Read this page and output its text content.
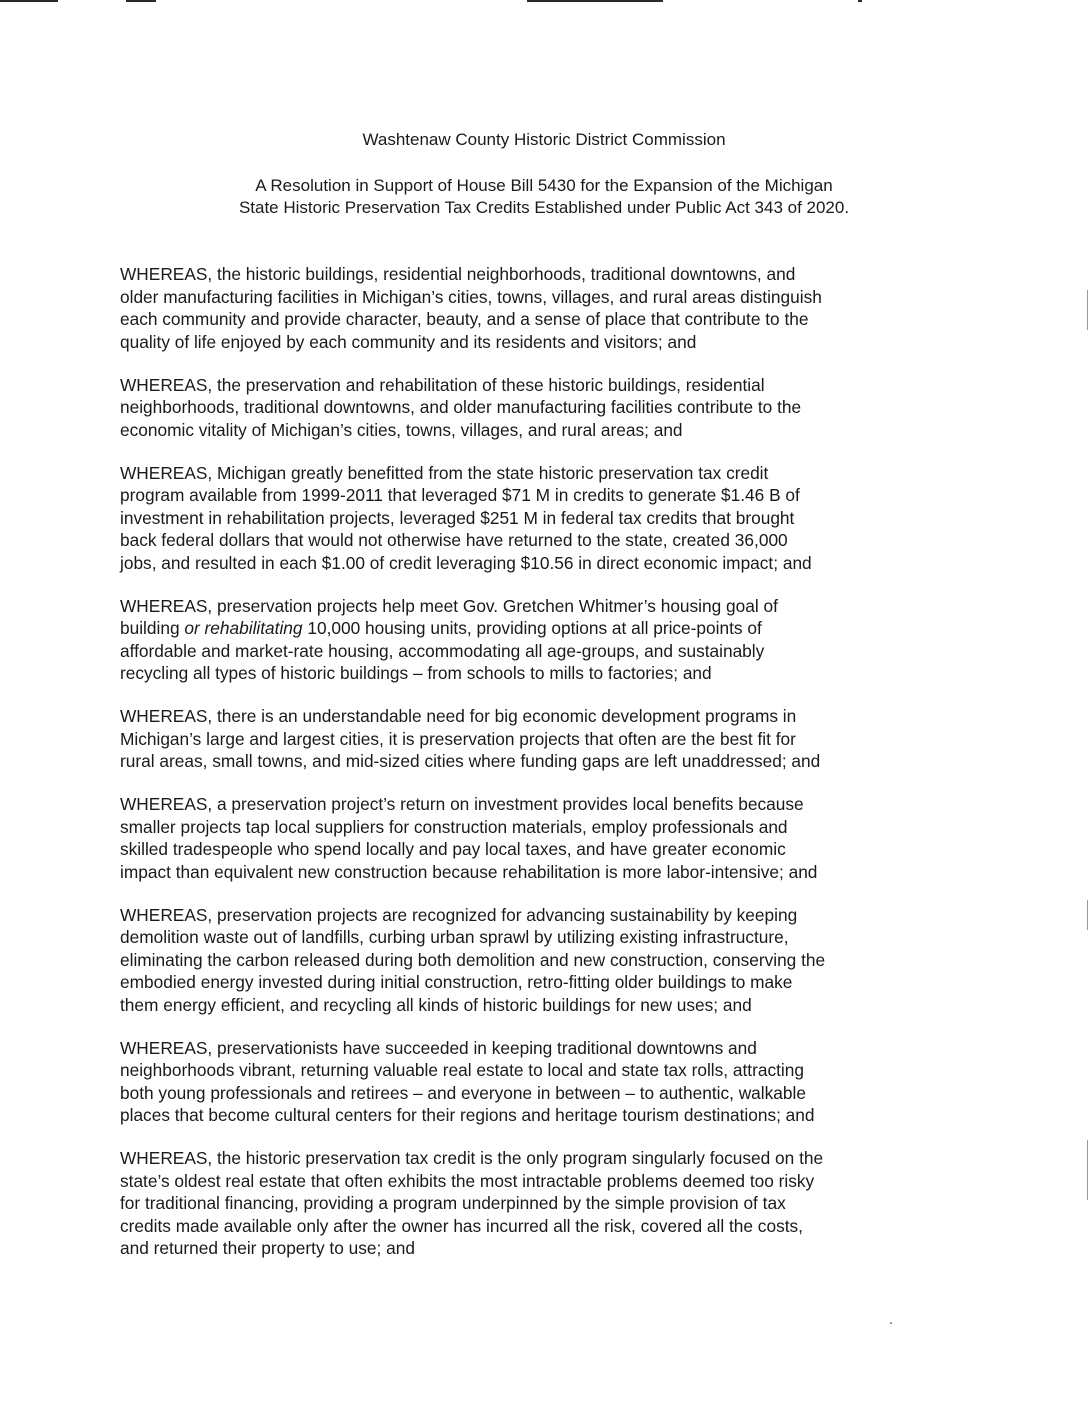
Washtenaw County Historic District Commission
A Resolution in Support of House Bill 5430 for the Expansion of the Michigan
State Historic Preservation Tax Credits Established under Public Act 343 of 2020.

WHEREAS, the historic buildings, residential neighborhoods, traditional downtowns, and
older manufacturing facilities in Michigan’s cities, towns, villages, and rural areas distinguish
each community and provide character, beauty, and a sense of place that contribute to the
quality of life enjoyed by each community and its residents and visitors; and

WHEREAS, the preservation and rehabilitation of these historic buildings, residential
neighborhoods, traditional downtowns, and older manufacturing facilities contribute to the
economic vitality of Michigan’s cities, towns, villages, and rural areas; and

WHEREAS, Michigan greatly benefitted from the state historic preservation tax credit
program available from 1999-2011 that leveraged $71 M in credits to generate $1.46 B of
investment in rehabilitation projects, leveraged $251 M in federal tax credits that brought
back federal dollars that would not otherwise have returned to the state, created 36,000
jobs, and resulted in each $1.00 of credit leveraging $10.56 in direct economic impact; and

WHEREAS, preservation projects help meet Gov. Gretchen Whitmer’s housing goal of
building or rehabilitating 10,000 housing units, providing options at all price-points of
affordable and market-rate housing, accommodating all age-groups, and sustainably
recycling all types of historic buildings – from schools to mills to factories; and

WHEREAS, there is an understandable need for big economic development programs in
Michigan’s large and largest cities, it is preservation projects that often are the best fit for
rural areas, small towns, and mid-sized cities where funding gaps are left unaddressed; and

WHEREAS, a preservation project’s return on investment provides local benefits because
smaller projects tap local suppliers for construction materials, employ professionals and
skilled tradespeople who spend locally and pay local taxes, and have greater economic
impact than equivalent new construction because rehabilitation is more labor-intensive; and

WHEREAS, preservation projects are recognized for advancing sustainability by keeping
demolition waste out of landfills, curbing urban sprawl by utilizing existing infrastructure,
eliminating the carbon released during both demolition and new construction, conserving the
embodied energy invested during initial construction, retro-fitting older buildings to make
them energy efficient, and recycling all kinds of historic buildings for new uses; and

WHEREAS, preservationists have succeeded in keeping traditional downtowns and
neighborhoods vibrant, returning valuable real estate to local and state tax rolls, attracting
both young professionals and retirees – and everyone in between – to authentic, walkable
places that become cultural centers for their regions and heritage tourism destinations; and

WHEREAS, the historic preservation tax credit is the only program singularly focused on the
state’s oldest real estate that often exhibits the most intractable problems deemed too risky
for traditional financing, providing a program underpinned by the simple provision of tax
credits made available only after the owner has incurred all the risk, covered all the costs,
and returned their property to use; and
